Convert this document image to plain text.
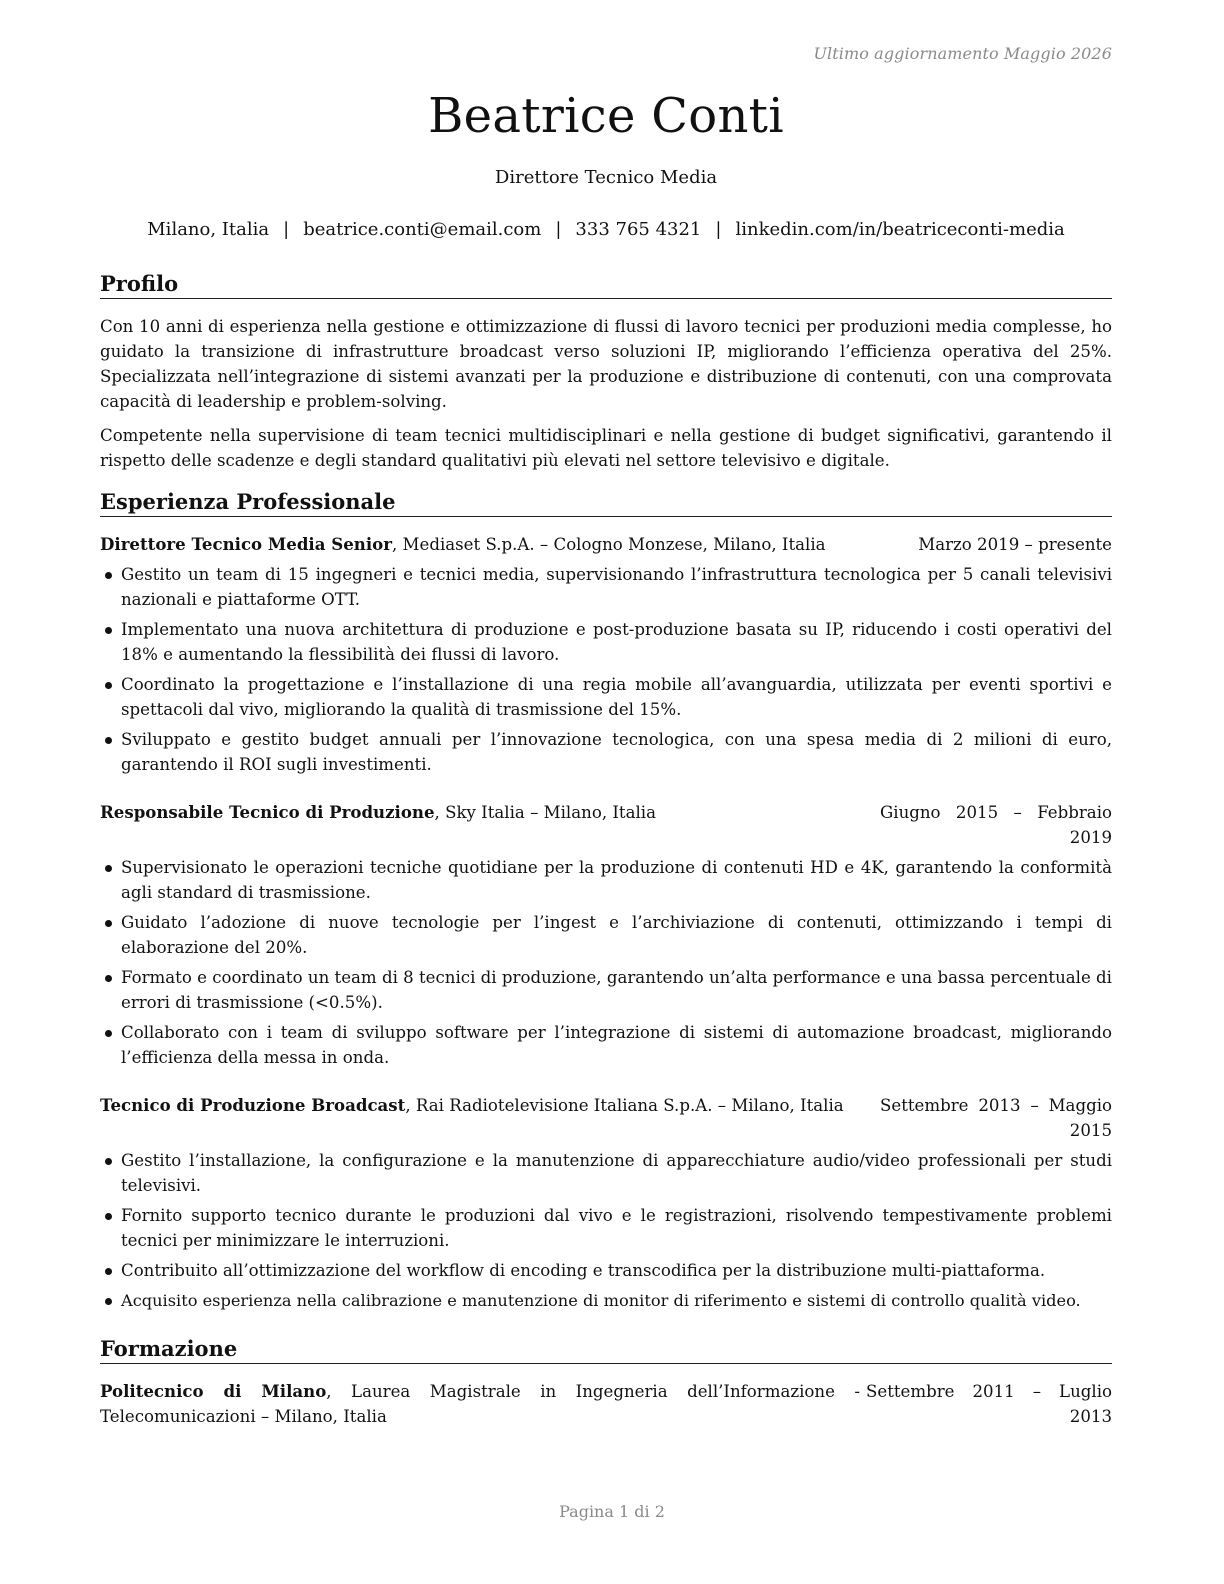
Ultimo aggiornamento Maggio 2026
Beatrice Conti
Direttore Tecnico Media
Milano, Italia | beatrice.conti@email.com | 333 765 4321 | linkedin.com/in/beatriceconti-media
Profilo
Con 10 anni di esperienza nella gestione e ottimizzazione di flussi di lavoro tecnici per produzioni media complesse, ho guidato la transizione di infrastrutture broadcast verso soluzioni IP, migliorando l’efficienza operativa del 25%. Specializzata nell’integrazione di sistemi avanzati per la produzione e distribuzione di contenuti, con una comprovata capacità di leadership e problem-solving.
Competente nella supervisione di team tecnici multidisciplinari e nella gestione di budget significativi, garantendo il rispetto delle scadenze e degli standard qualitativi più elevati nel settore televisivo e digitale.
Esperienza Professionale
Direttore Tecnico Media Senior, Mediaset S.p.A. – Cologno Monzese, Milano, Italia	Marzo 2019 – presente
Gestito un team di 15 ingegneri e tecnici media, supervisionando l’infrastruttura tecnologica per 5 canali televisivi nazionali e piattaforme OTT.
Implementato una nuova architettura di produzione e post-produzione basata su IP, riducendo i costi operativi del 18% e aumentando la flessibilità dei flussi di lavoro.
Coordinato la progettazione e l’installazione di una regia mobile all’avanguardia, utilizzata per eventi sportivi e spettacoli dal vivo, migliorando la qualità di trasmissione del 15%.
Sviluppato e gestito budget annuali per l’innovazione tecnologica, con una spesa media di 2 milioni di euro, garantendo il ROI sugli investimenti.
Responsabile Tecnico di Produzione, Sky Italia – Milano, Italia	Giugno 2015 – Febbraio 2019
Supervisionato le operazioni tecniche quotidiane per la produzione di contenuti HD e 4K, garantendo la conformità agli standard di trasmissione.
Guidato l’adozione di nuove tecnologie per l’ingest e l’archiviazione di contenuti, ottimizzando i tempi di elaborazione del 20%.
Formato e coordinato un team di 8 tecnici di produzione, garantendo un’alta performance e una bassa percentuale di errori di trasmissione (<0.5%).
Collaborato con i team di sviluppo software per l’integrazione di sistemi di automazione broadcast, migliorando l’efficienza della messa in onda.
Tecnico di Produzione Broadcast, Rai Radiotelevisione Italiana S.p.A. – Milano, Italia Settembre 2013 – Maggio 2015
Gestito l’installazione, la configurazione e la manutenzione di apparecchiature audio/video professionali per studi televisivi.
Fornito supporto tecnico durante le produzioni dal vivo e le registrazioni, risolvendo tempestivamente problemi tecnici per minimizzare le interruzioni.
Contribuito all’ottimizzazione del workflow di encoding e transcodifica per la distribuzione multi-piattaforma.
Acquisito esperienza nella calibrazione e manutenzione di monitor di riferimento e sistemi di controllo qualità video.
Formazione
Politecnico di Milano, Laurea Magistrale in Ingegneria dell’Informazione - Telecomunicazioni – Milano, Italia
Settembre 2011 – Luglio 2013
Pagina 1 di 2
